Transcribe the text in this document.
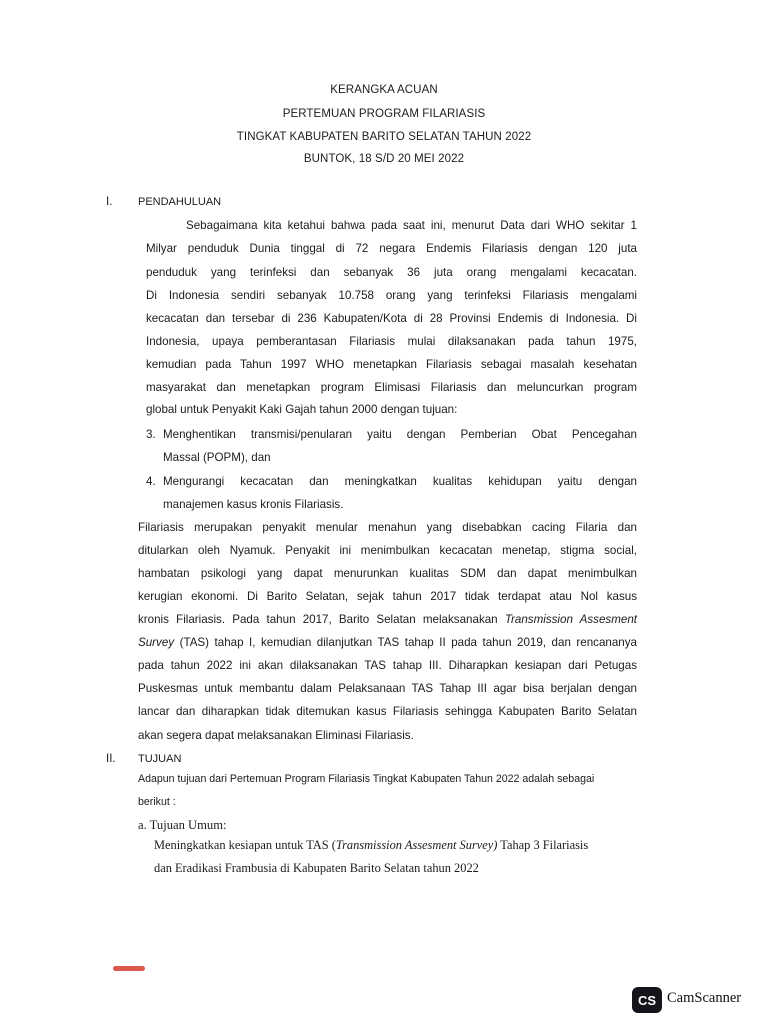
KERANGKA ACUAN
PERTEMUAN PROGRAM FILARIASIS
TINGKAT KABUPATEN BARITO SELATAN TAHUN 2022
BUNTOK, 18 S/D 20 MEI 2022
I. PENDAHULUAN
Sebagaimana kita ketahui bahwa pada saat ini, menurut Data dari WHO sekitar 1
Milyar penduduk Dunia tinggal di 72 negara Endemis Filariasis dengan 120 juta
penduduk yang terinfeksi dan sebanyak 36 juta orang mengalami kecacatan.
Di Indonesia sendiri sebanyak 10.758 orang yang terinfeksi Filariasis mengalami
kecacatan dan tersebar di 236 Kabupaten/Kota di 28 Provinsi Endemis di Indonesia. Di
Indonesia, upaya pemberantasan Filariasis mulai dilaksanakan pada tahun 1975,
kemudian pada Tahun 1997 WHO menetapkan Filariasis sebagai masalah kesehatan
masyarakat dan menetapkan program Elimisasi Filariasis dan meluncurkan program
global untuk Penyakit Kaki Gajah tahun 2000 dengan tujuan:
3. Menghentikan transmisi/penularan yaitu dengan Pemberian Obat Pencegahan
Massal (POPM), dan
4. Mengurangi kecacatan dan meningkatkan kualitas kehidupan yaitu dengan
manajemen kasus kronis Filariasis.
Filariasis merupakan penyakit menular menahun yang disebabkan cacing Filaria dan
ditularkan oleh Nyamuk. Penyakit ini menimbulkan kecacatan menetap, stigma social,
hambatan psikologi yang dapat menurunkan kualitas SDM dan dapat menimbulkan
kerugian ekonomi. Di Barito Selatan, sejak tahun 2017 tidak terdapat atau Nol kasus
kronis Filariasis. Pada tahun 2017, Barito Selatan melaksanakan Transmission Assesment
Survey (TAS) tahap I, kemudian dilanjutkan TAS tahap II pada tahun 2019, dan rencananya
pada tahun 2022 ini akan dilaksanakan TAS tahap III. Diharapkan kesiapan dari Petugas
Puskesmas untuk membantu dalam Pelaksanaan TAS Tahap III agar bisa berjalan dengan
lancar dan diharapkan tidak ditemukan kasus Filariasis sehingga Kabupaten Barito Selatan
akan segera dapat melaksanakan Eliminasi Filariasis.
II. TUJUAN
Adapun tujuan dari Pertemuan Program Filariasis Tingkat Kabupaten Tahun 2022 adalah sebagai
berikut :
a. Tujuan Umum:
Meningkatkan kesiapan untuk TAS (Transmission Assesment Survey) Tahap 3 Filariasis
dan Eradikasi Frambusia di Kabupaten Barito Selatan tahun 2022
CS CamScanner
